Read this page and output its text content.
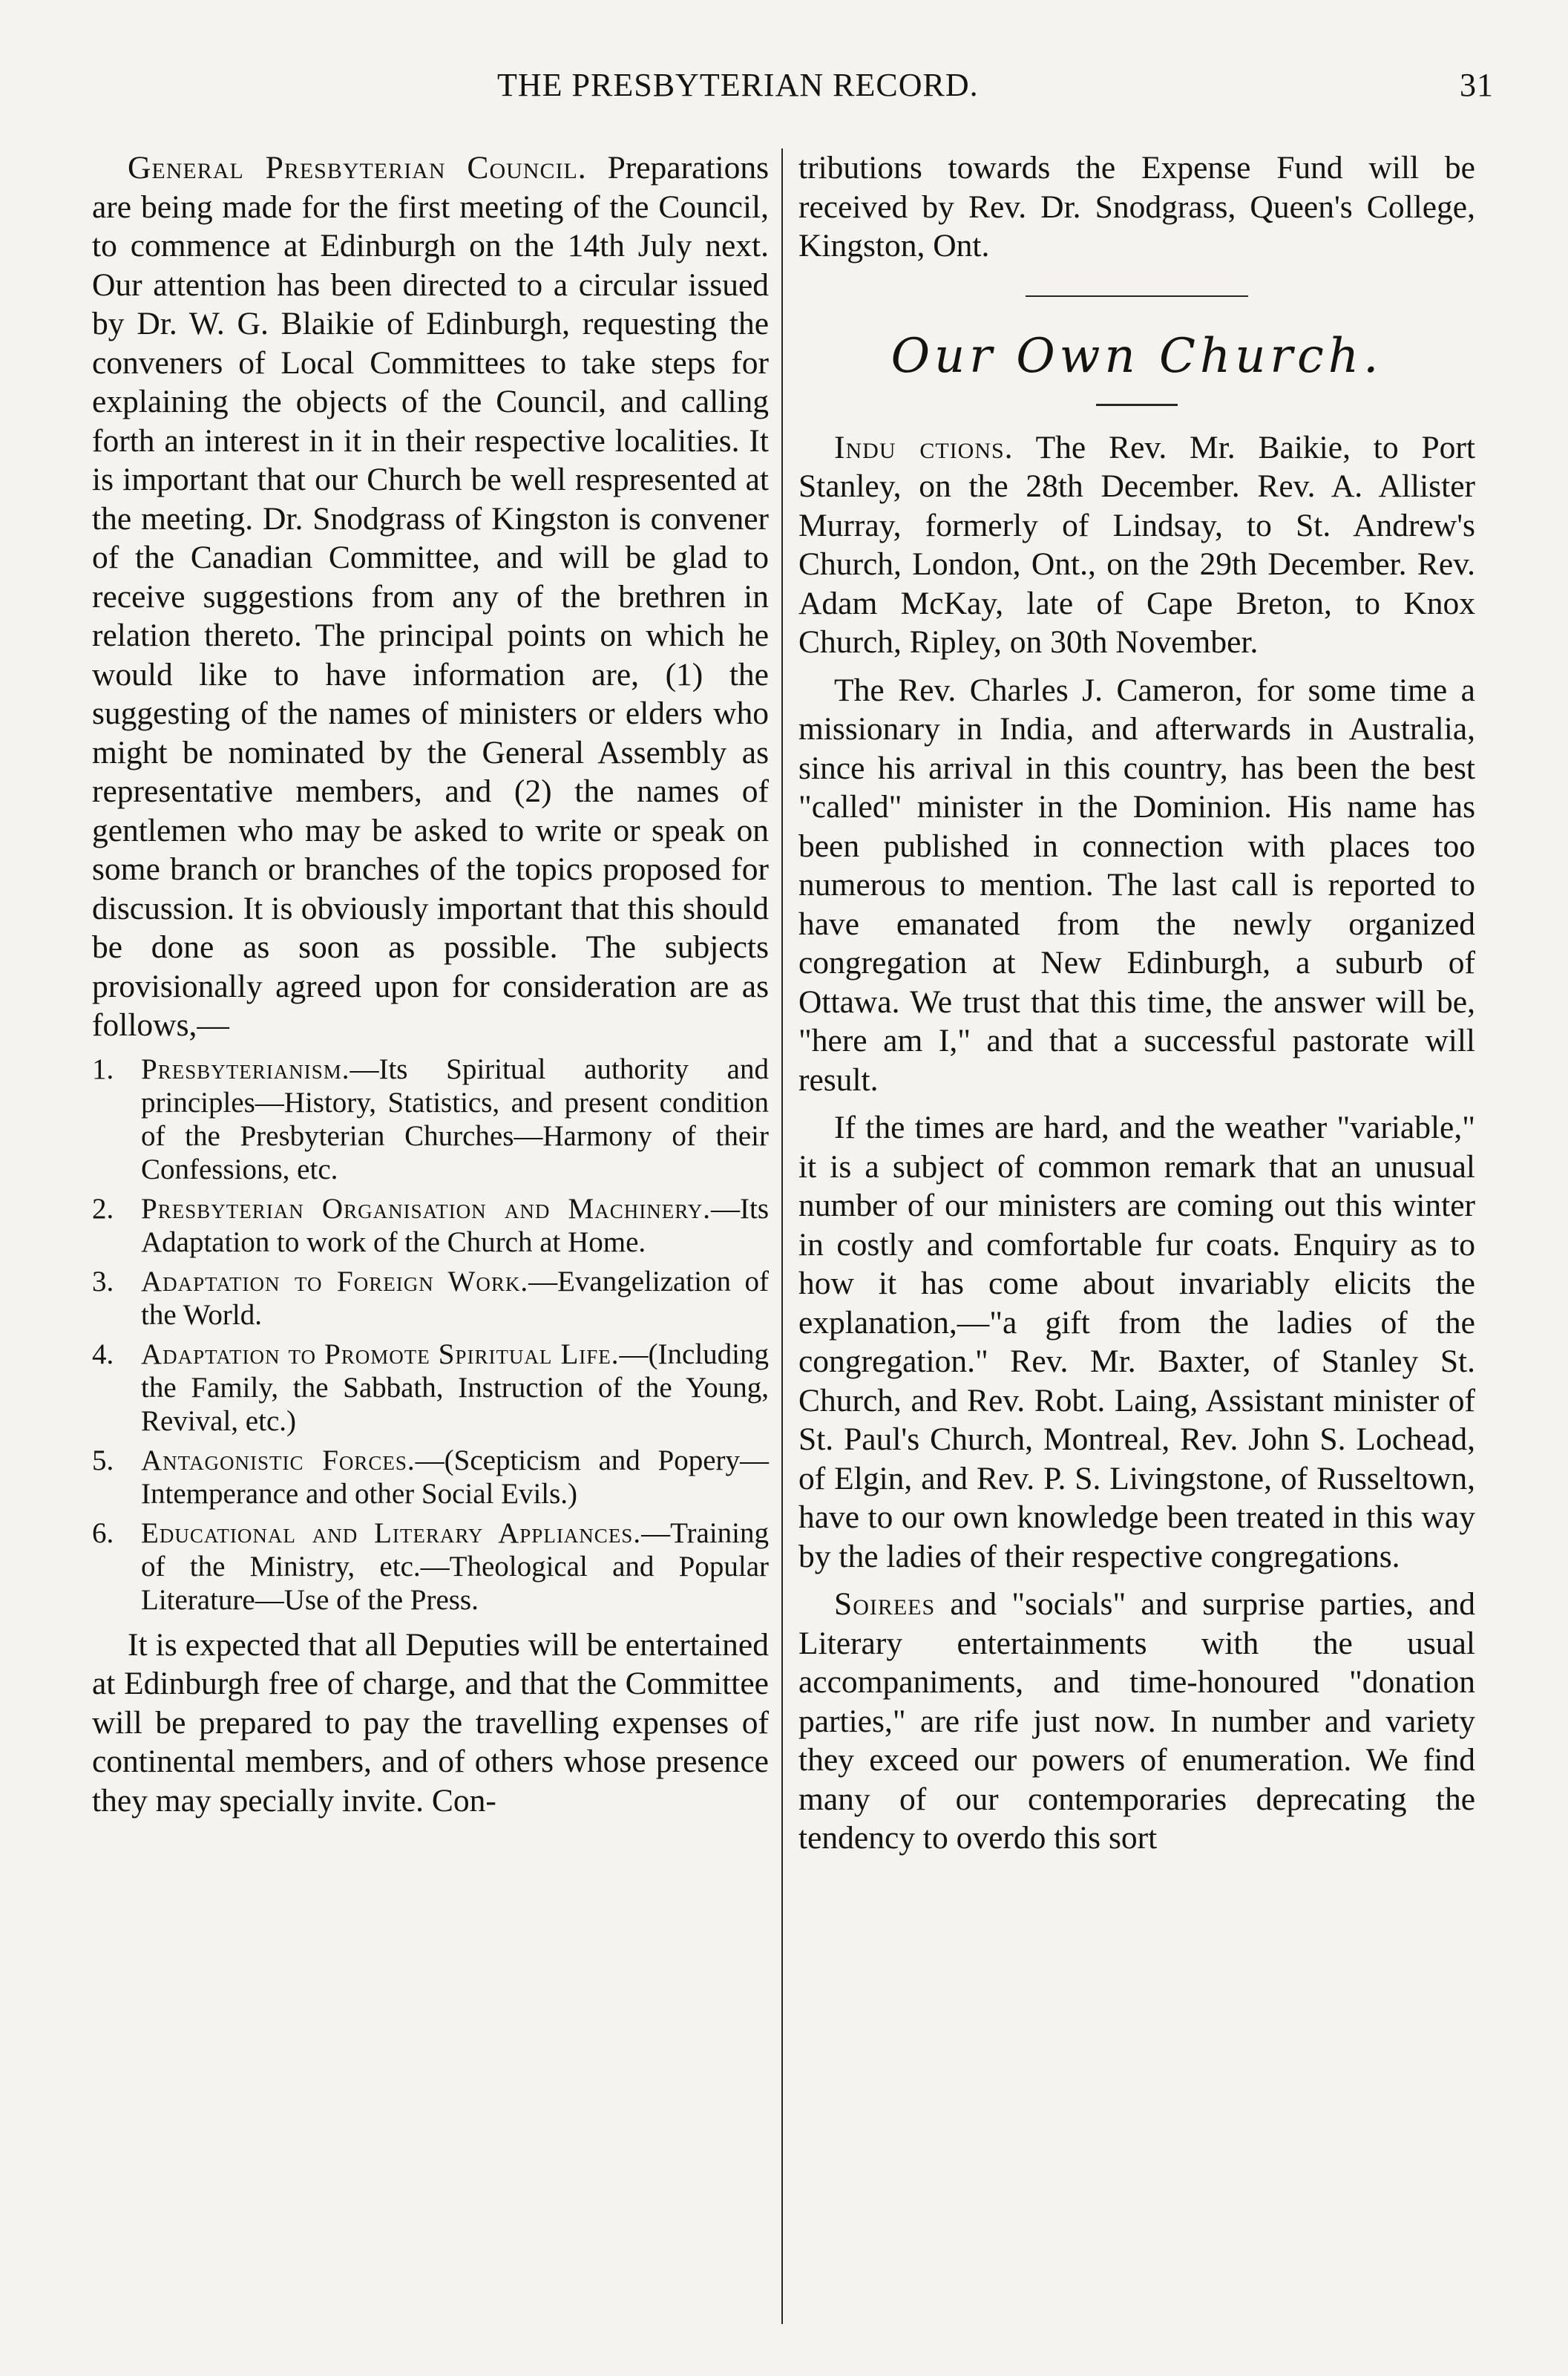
THE PRESBYTERIAN RECORD.	31

General Presbyterian Council. Preparations are being made for the first meeting of the Council, to commence at Edinburgh on the 14th July next. Our attention has been directed to a circular issued by Dr. W. G. Blaikie of Edinburgh, requesting the conveners of Local Committees to take steps for explaining the objects of the Council, and calling forth an interest in it in their respective localities. It is important that our Church be well respresented at the meeting. Dr. Snodgrass of Kingston is convener of the Canadian Committee, and will be glad to receive suggestions from any of the brethren in relation thereto. The principal points on which he would like to have information are, (1) the suggesting of the names of ministers or elders who might be nominated by the General Assembly as representative members, and (2) the names of gentlemen who may be asked to write or speak on some branch or branches of the topics proposed for discussion. It is obviously important that this should be done as soon as possible. The subjects provisionally agreed upon for consideration are as follows,—

1. Presbyterianism.—Its Spiritual authority and principles—History, Statistics, and present condition of the Presbyterian Churches—Harmony of their Confessions, etc.
2. Presbyterian Organisation and Machinery.—Its Adaptation to work of the Church at Home.
3. Adaptation to Foreign Work.—Evangelization of the World.
4. Adaptation to Promote Spiritual Life.—(Including the Family, the Sabbath, Instruction of the Young, Revival, etc.)
5. Antagonistic Forces.—(Scepticism and Popery—Intemperance and other Social Evils.)
6. Educational and Literary Appliances.—Training of the Ministry, etc.—Theological and Popular Literature—Use of the Press.

It is expected that all Deputies will be entertained at Edinburgh free of charge, and that the Committee will be prepared to pay the travelling expenses of continental members, and of others whose presence they may specially invite. Con-

tributions towards the Expense Fund will be received by Rev. Dr. Snodgrass, Queen's College, Kingston, Ont.

Our Own Church.

Indu ctions. The Rev. Mr. Baikie, to Port Stanley, on the 28th December. Rev. A. Allister Murray, formerly of Lindsay, to St. Andrew's Church, London, Ont., on the 29th December. Rev. Adam McKay, late of Cape Breton, to Knox Church, Ripley, on 30th November.

The Rev. Charles J. Cameron, for some time a missionary in India, and afterwards in Australia, since his arrival in this country, has been the best "called" minister in the Dominion. His name has been published in connection with places too numerous to mention. The last call is reported to have emanated from the newly organized congregation at New Edinburgh, a suburb of Ottawa. We trust that this time, the answer will be, "here am I," and that a successful pastorate will result.

If the times are hard, and the weather "variable," it is a subject of common remark that an unusual number of our ministers are coming out this winter in costly and comfortable fur coats. Enquiry as to how it has come about invariably elicits the explanation,—"a gift from the ladies of the congregation." Rev. Mr. Baxter, of Stanley St. Church, and Rev. Robt. Laing, Assistant minister of St. Paul's Church, Montreal, Rev. John S. Lochead, of Elgin, and Rev. P. S. Livingstone, of Russeltown, have to our own knowledge been treated in this way by the ladies of their respective congregations.

Soirees and "socials" and surprise parties, and Literary entertainments with the usual accompaniments, and time-honoured "donation parties," are rife just now. In number and variety they exceed our powers of enumeration. We find many of our contemporaries deprecating the tendency to overdo this sort
